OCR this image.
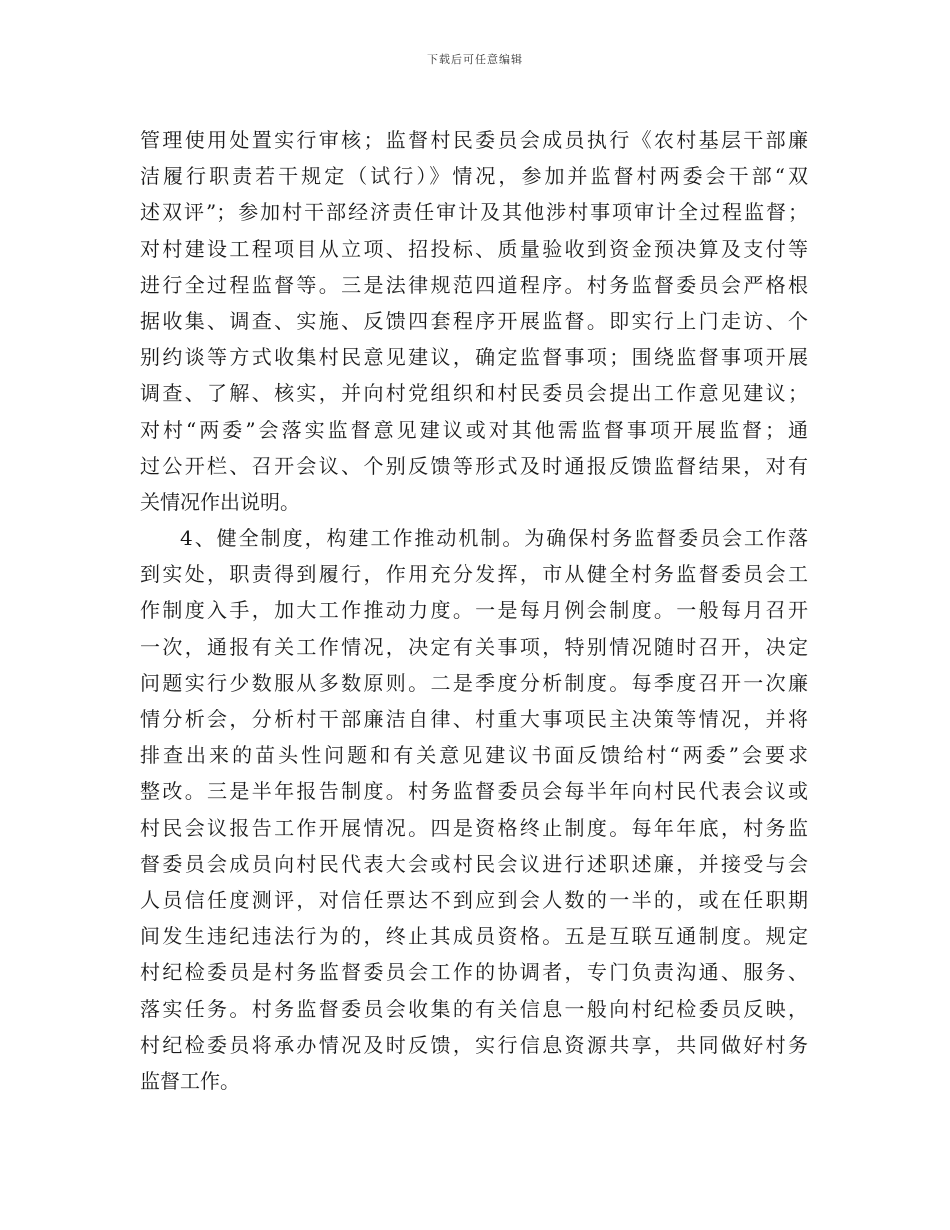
下载后可任意编辑
管理使用处置实行审核；监督村民委员会成员执行《农村基层干部廉
洁履行职责若干规定（试行）》情况，参加并监督村两委会干部“双
述双评”；参加村干部经济责任审计及其他涉村事项审计全过程监督；
对村建设工程项目从立项、招投标、质量验收到资金预决算及支付等
进行全过程监督等。三是法律规范四道程序。村务监督委员会严格根
据收集、调查、实施、反馈四套程序开展监督。即实行上门走访、个
别约谈等方式收集村民意见建议，确定监督事项；围绕监督事项开展
调查、了解、核实，并向村党组织和村民委员会提出工作意见建议；
对村“两委”会落实监督意见建议或对其他需监督事项开展监督；通
过公开栏、召开会议、个别反馈等形式及时通报反馈监督结果，对有
关情况作出说明。
4、健全制度，构建工作推动机制。为确保村务监督委员会工作落
到实处，职责得到履行，作用充分发挥，市从健全村务监督委员会工
作制度入手，加大工作推动力度。一是每月例会制度。一般每月召开
一次，通报有关工作情况，决定有关事项，特别情况随时召开，决定
问题实行少数服从多数原则。二是季度分析制度。每季度召开一次廉
情分析会，分析村干部廉洁自律、村重大事项民主决策等情况，并将
排查出来的苗头性问题和有关意见建议书面反馈给村“两委”会要求
整改。三是半年报告制度。村务监督委员会每半年向村民代表会议或
村民会议报告工作开展情况。四是资格终止制度。每年年底，村务监
督委员会成员向村民代表大会或村民会议进行述职述廉，并接受与会
人员信任度测评，对信任票达不到应到会人数的一半的，或在任职期
间发生违纪违法行为的，终止其成员资格。五是互联互通制度。规定
村纪检委员是村务监督委员会工作的协调者，专门负责沟通、服务、
落实任务。村务监督委员会收集的有关信息一般向村纪检委员反映，
村纪检委员将承办情况及时反馈，实行信息资源共享，共同做好村务
监督工作。
